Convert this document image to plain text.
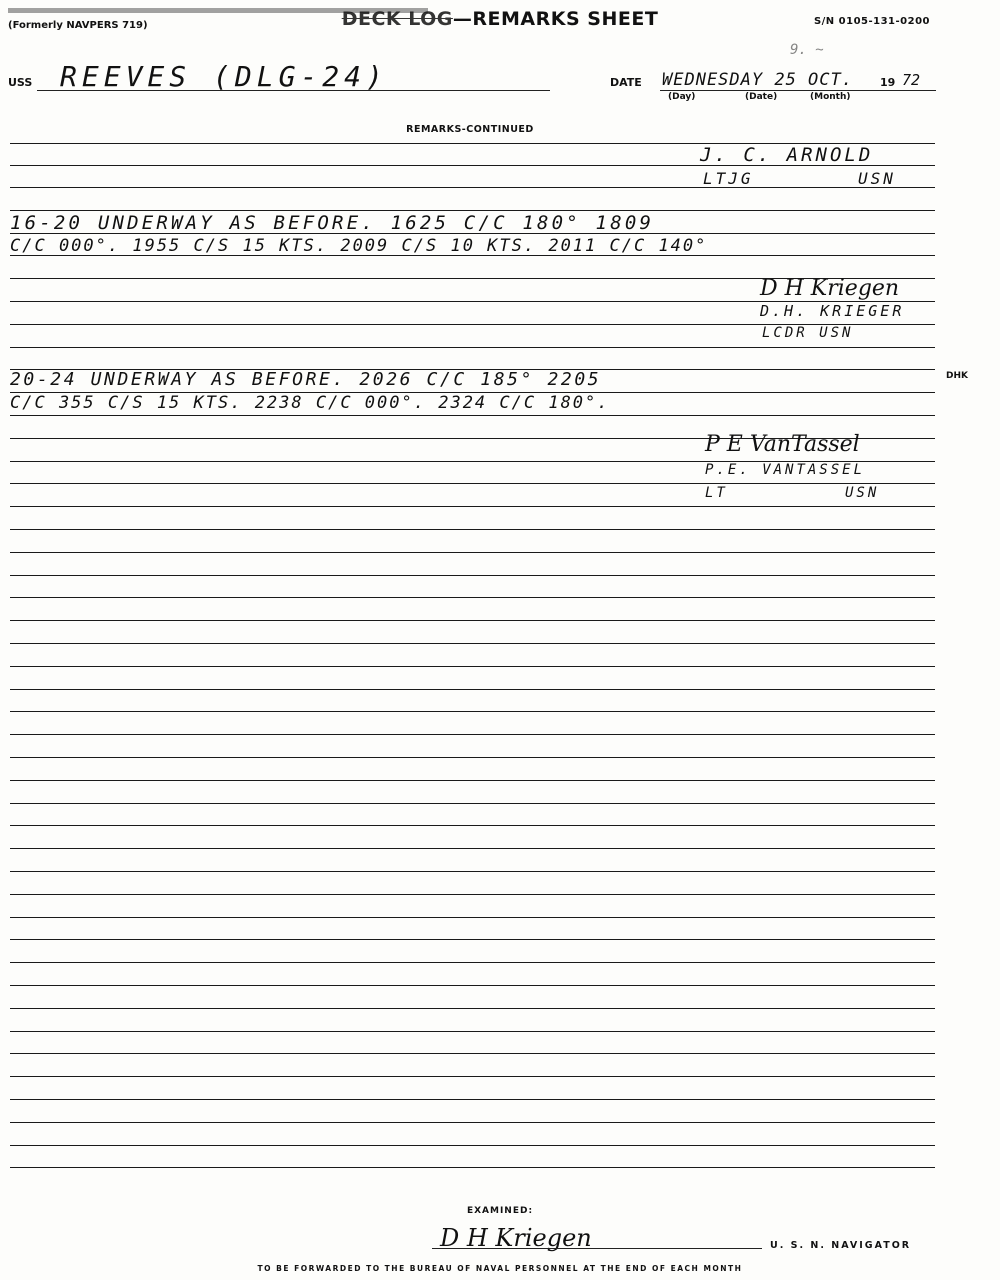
(Formerly NAVPERS 719)	DECK LOG—REMARKS SHEET	S/N 0105-131-0200
9. ~
USS REEVES (DLG-24)	DATE WEDNESDAY 25 OCT. 19 72
(Day)	(Date)	(Month)
REMARKS-CONTINUED
J. C. ARNOLD
LTJG	USN
16-20 UNDERWAY AS BEFORE. 1625 C/C 180° 1809
C/C 000°. 1955 C/S 15 KTS. 2009 C/S 10 KTS. 2011 C/C 140°
D H Kriegen
D.H. KRIEGER
LCDR USN
20-24 UNDERWAY AS BEFORE. 2026 C/C 185° 2205	DHK
C/C 355 C/S 15 KTS. 2238 C/C 000°. 2324 C/C 180°.
P E VanTassel
P.E. VANTASSEL
LT	USN
EXAMINED:
D H Kriegen	U. S. N. NAVIGATOR
TO BE FORWARDED TO THE BUREAU OF NAVAL PERSONNEL AT THE END OF EACH MONTH
